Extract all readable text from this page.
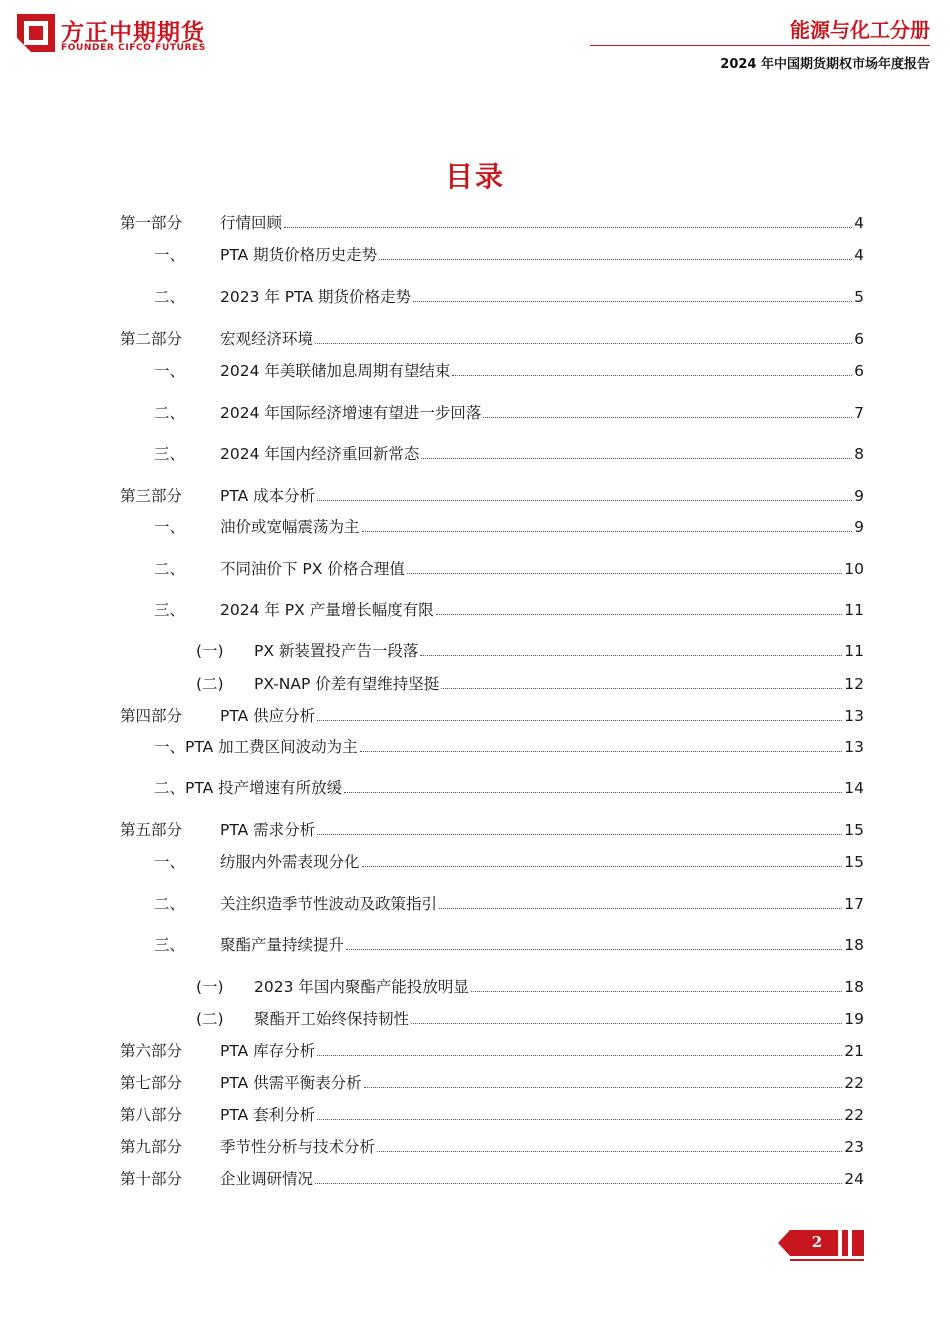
方正中期期货
FOUNDER CIFCO FUTURES
能源与化工分册
2024 年中国期货期权市场年度报告
目录
第一部分 行情回顾	4
一、 PTA 期货价格历史走势	4
二、 2023 年 PTA 期货价格走势	5
第二部分 宏观经济环境	6
一、 2024 年美联储加息周期有望结束	6
二、 2024 年国际经济增速有望进一步回落	7
三、 2024 年国内经济重回新常态	8
第三部分 PTA 成本分析	9
一、 油价或宽幅震荡为主	9
二、 不同油价下 PX 价格合理值	10
三、 2024 年 PX 产量增长幅度有限	11
(一) PX 新装置投产告一段落	11
(二) PX-NAP 价差有望维持坚挺	12
第四部分 PTA 供应分析	13
一、PTA 加工费区间波动为主	13
二、PTA 投产增速有所放缓	14
第五部分 PTA 需求分析	15
一、 纺服内外需表现分化	15
二、 关注织造季节性波动及政策指引	17
三、 聚酯产量持续提升	18
(一) 2023 年国内聚酯产能投放明显	18
(二) 聚酯开工始终保持韧性	19
第六部分 PTA 库存分析	21
第七部分 PTA 供需平衡表分析	22
第八部分 PTA 套利分析	22
第九部分 季节性分析与技术分析	23
第十部分 企业调研情况	24
2
